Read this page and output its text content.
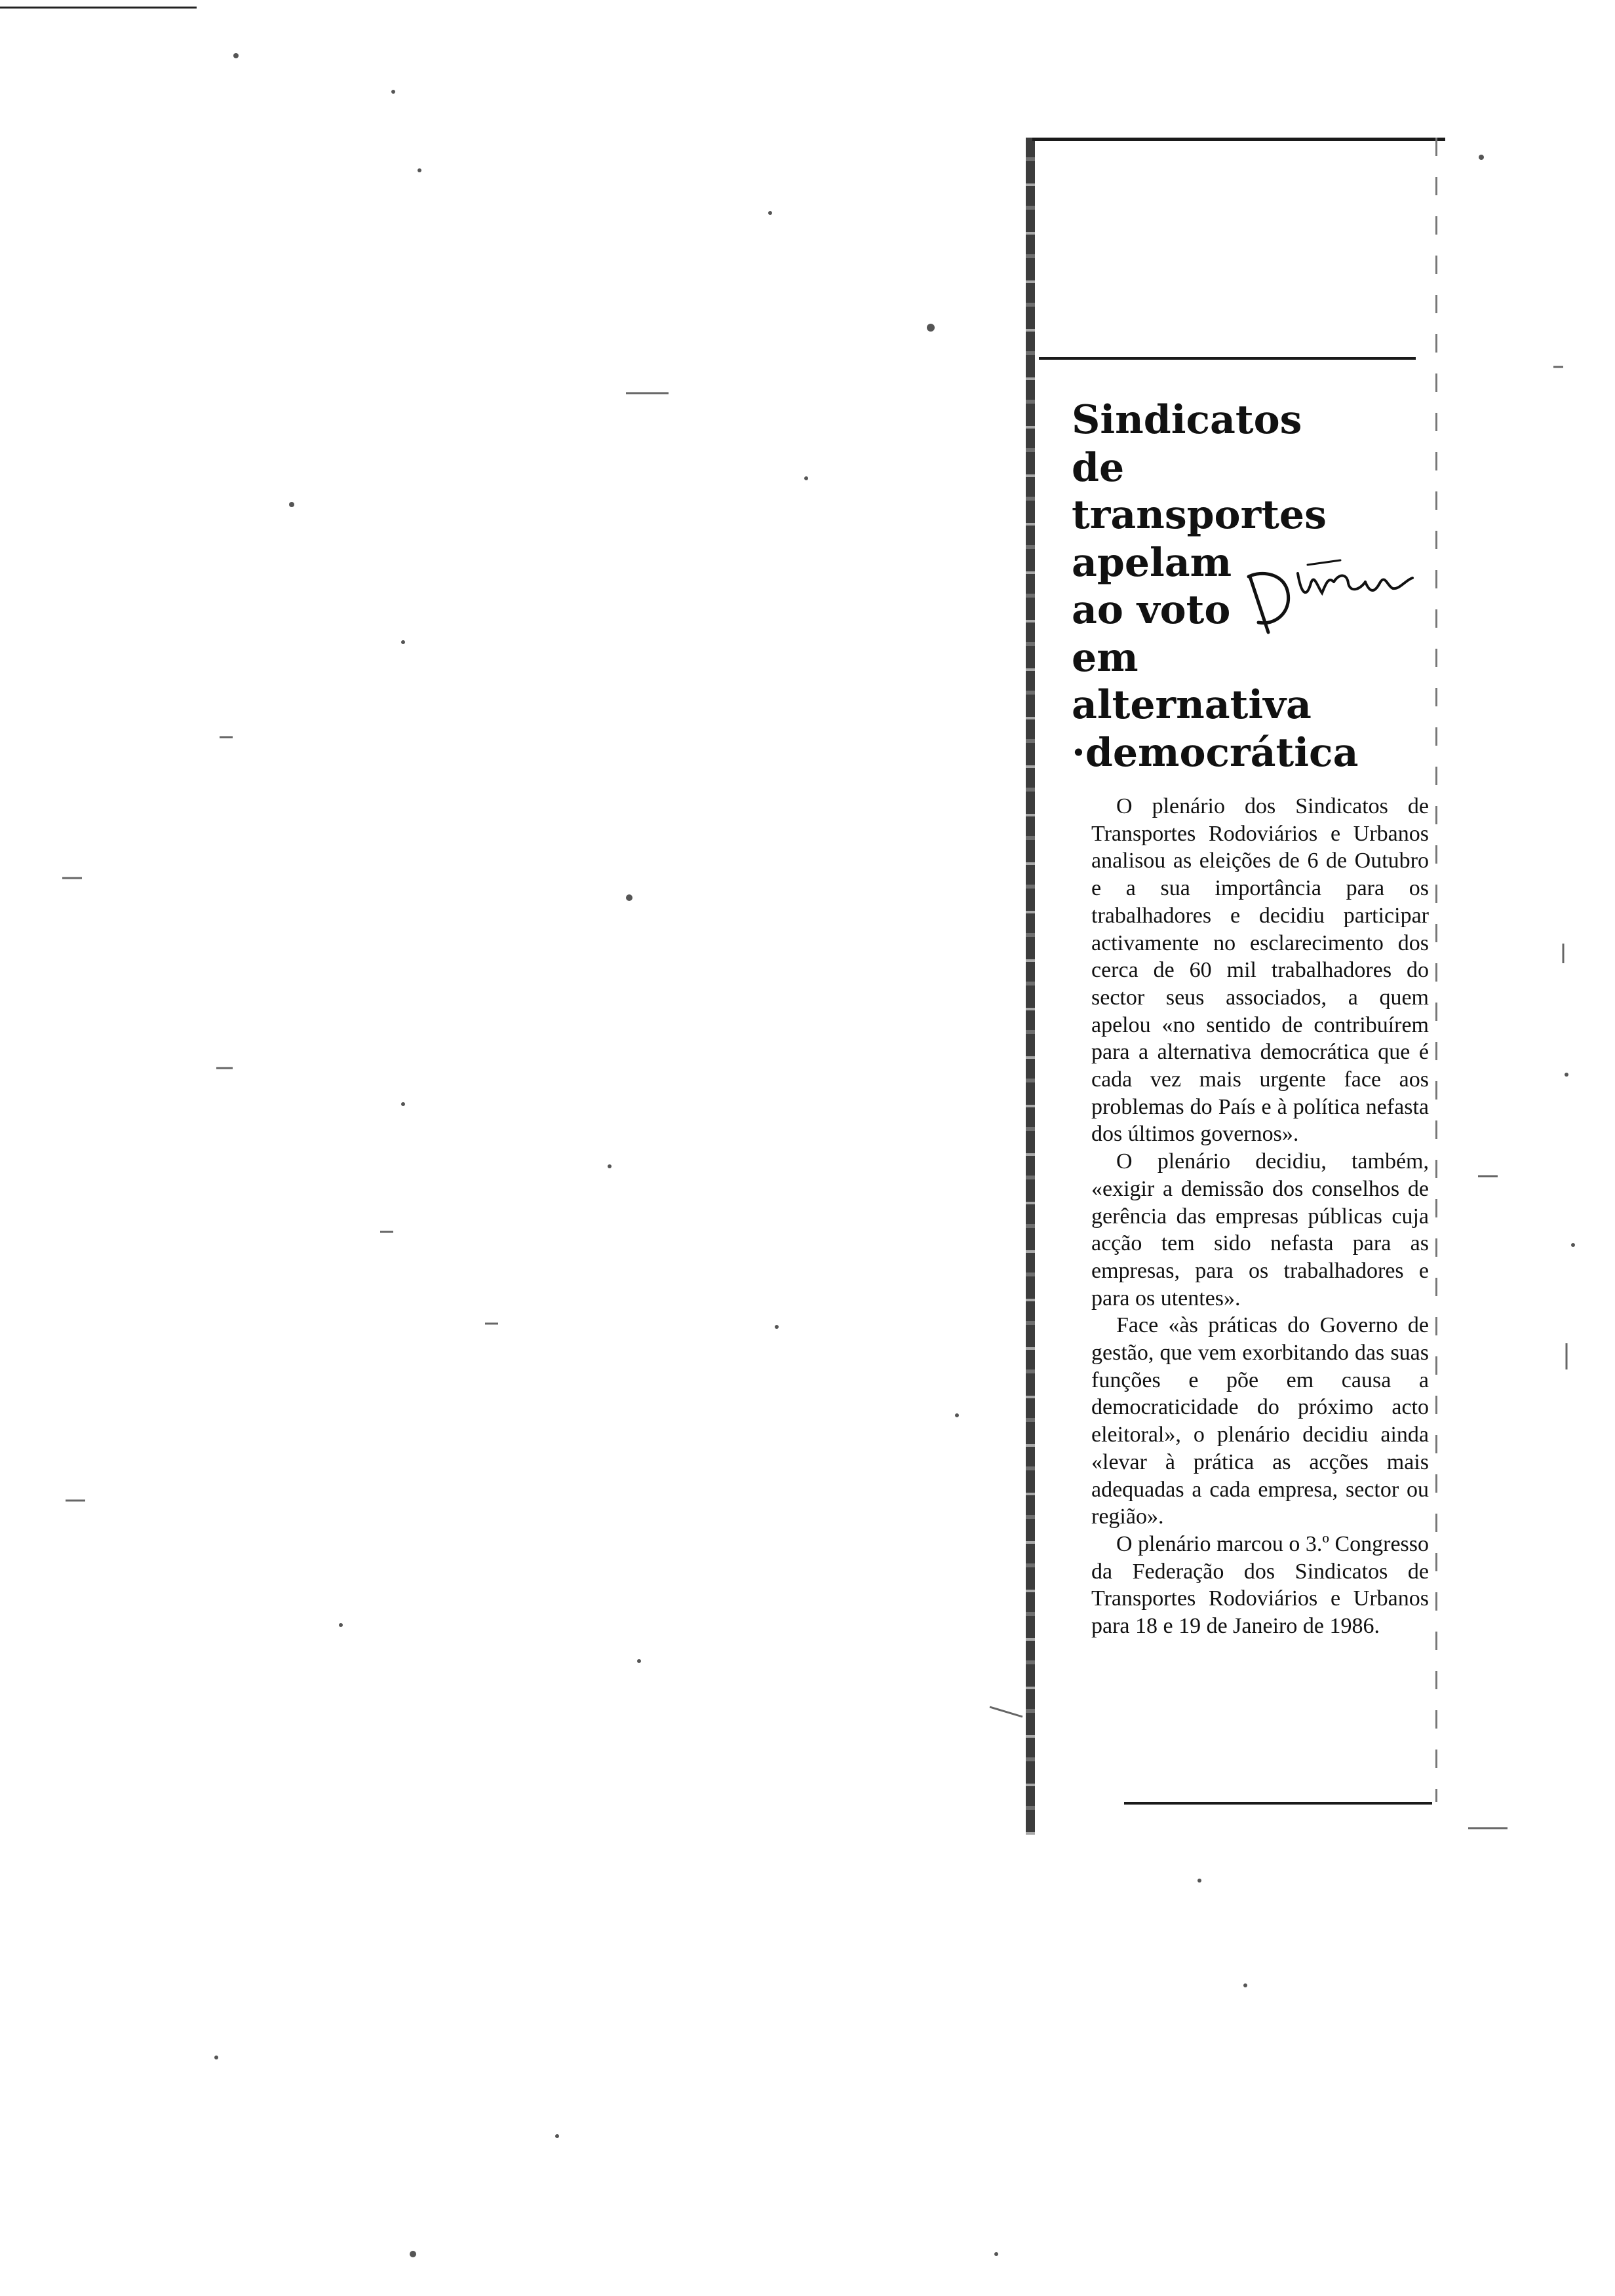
Sindicatos
de
transportes
apelam
ao voto
em
alternativa
·democrática

O plenário dos Sindicatos de Transportes Rodoviários e Urbanos analisou as eleições de 6 de Outubro e a sua importância para os trabalhadores e decidiu participar activamente no esclarecimento dos cerca de 60 mil trabalhadores do sector seus associados, a quem apelou «no sentido de contribuírem para a alternativa democrática que é cada vez mais urgente face aos problemas do País e à política nefasta dos últimos governos».

O plenário decidiu, também, «exigir a demissão dos conselhos de gerência das empresas públicas cuja acção tem sido nefasta para as empresas, para os trabalhadores e para os utentes».

Face «às práticas do Governo de gestão, que vem exorbitando das suas funções e põe em causa a democraticidade do próximo acto eleitoral», o plenário decidiu ainda «levar à prática as acções mais adequadas a cada empresa, sector ou região».

O plenário marcou o 3.º Congresso da Federação dos Sindicatos de Transportes Rodoviários e Urbanos para 18 e 19 de Janeiro de 1986.
